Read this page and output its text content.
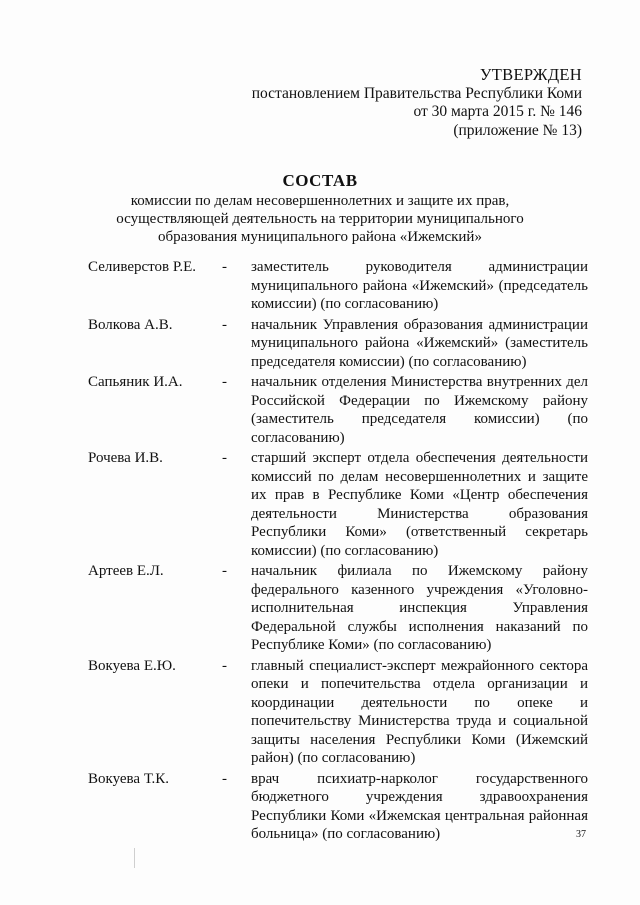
УТВЕРЖДЕН
постановлением Правительства Республики Коми
от 30 марта 2015 г. № 146
(приложение № 13)
СОСТАВ
комиссии по делам несовершеннолетних и защите их прав,
осуществляющей деятельность на территории муниципального
образования муниципального района «Ижемский»
Селиверстов Р.Е.	-	заместитель руководителя администрации муниципального района «Ижемский» (председатель комиссии) (по согласованию)
Волкова А.В.	-	начальник Управления образования администрации муниципального района «Ижемский» (заместитель председателя комиссии) (по согласованию)
Сапьяник И.А.	-	начальник отделения Министерства внутренних дел Российской Федерации по Ижемскому району (заместитель председателя комиссии) (по согласованию)
Рочева И.В.	-	старший эксперт отдела обеспечения деятельности комиссий по делам несовершеннолетних и защите их прав в Республике Коми «Центр обеспечения деятельности Министерства образования Республики Коми» (ответственный секретарь комиссии) (по согласованию)
Артеев Е.Л.	-	начальник филиала по Ижемскому району федерального казенного учреждения «Уголовно-исполнительная инспекция Управления Федеральной службы исполнения наказаний по Республике Коми» (по согласованию)
Вокуева Е.Ю.	-	главный специалист-эксперт межрайонного сектора опеки и попечительства отдела организации и координации деятельности по опеке и попечительству Министерства труда и социальной защиты населения Республики Коми (Ижемский район) (по согласованию)
Вокуева Т.К.	-	врач психиатр-нарколог государственного бюджетного учреждения здравоохранения Республики Коми «Ижемская центральная районная больница» (по согласованию)	37
